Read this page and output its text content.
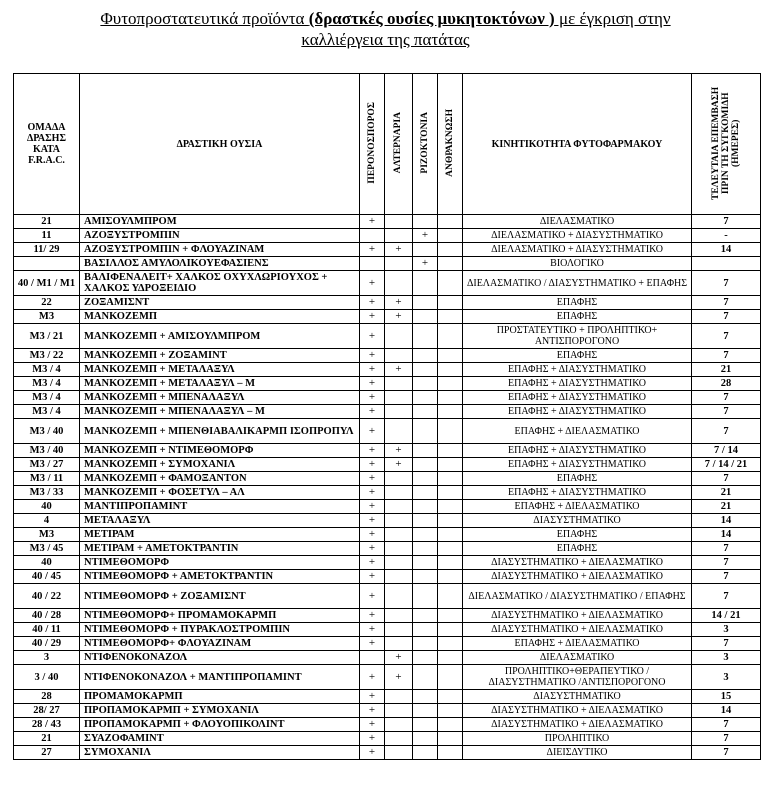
Φυτοπροστατευτικά προϊόντα (δραστκές ουσίες μυκητοκτόνων ) με έγκριση στην
καλλιέργεια της πατάτας
ΟΜΑΔΑ ΔΡΑΣΗΣ ΚΑΤΑ F.R.A.C.	ΔΡΑΣΤΙΚΗ ΟΥΣΙΑ	ΠΕΡΟΝΟΣΠΟΡΟΣ	ΑΛΤΕΡΝΑΡΙΑ	ΡΙΖΟΚΤΟΝΙΑ	ΑΝΘΡΑΚΝΩΣΗ	ΚΙΝΗΤΙΚΟΤΗΤΑ ΦΥΤΟΦΑΡΜΑΚΟΥ	ΤΕΛΕΥΤΑΙΑ ΕΠΕΜΒΑΣΗ ΠΡΙΝ ΤΗ ΣΥΓΚΟΜΙΔΗ (ΗΜΕΡΕΣ)
21	ΑΜΙΣΟΥΛΜΠΡΟΜ	+				ΔΙΕΛΑΣΜΑΤΙΚΟ	7
11	ΑΖΟΞΥΣΤΡΟΜΠΙΝ			+		ΔΙΕΛΑΣΜΑΤΙΚΟ + ΔΙΑΣΥΣΤΗΜΑΤΙΚΟ	-
11/ 29	ΑΖΟΞΥΣΤΡΟΜΠΙΝ + ΦΛΟΥΑΖΙΝΑΜ	+	+			ΔΙΕΛΑΣΜΑΤΙΚΟ + ΔΙΑΣΥΣΤΗΜΑΤΙΚΟ	14
	ΒΑΣΙΛΛΟΣ ΑΜΥΛΟΛΙΚΟΥΕΦΑΣΙΕΝΣ			+		ΒΙΟΛΟΓΙΚΟ	
40 / M1 / M1	ΒΑΛΙΦΕΝΑΛΕΙΤ+ ΧΑΛΚΟΣ ΟΧΥΧΛΩΡΙΟΥΧΟΣ + ΧΑΛΚΟΣ ΥΔΡΟΞΕΙΔΙΟ	+				ΔΙΕΛΑΣΜΑΤΙΚΟ / ΔΙΑΣΥΣΤΗΜΑΤΙΚΟ + ΕΠΑΦΗΣ	7
22	ΖΟΞΑΜΙΣΝΤ	+	+			ΕΠΑΦΗΣ	7
M3	ΜΑΝΚΟΖΕΜΠ	+	+			ΕΠΑΦΗΣ	7
M3 / 21	ΜΑΝΚΟΖΕΜΠ + ΑΜΙΣΟΥΛΜΠΡΟΜ	+				ΠΡΟΣΤΑΤΕΥΤΙΚΟ + ΠΡΟΛΗΠΤΙΚΟ+ ΑΝΤΙΣΠΟΡΟΓΟΝΟ	7
M3 / 22	ΜΑΝΚΟΖΕΜΠ + ΖΟΞΑΜΙΝΤ	+				ΕΠΑΦΗΣ	7
M3 / 4	ΜΑΝΚΟΖΕΜΠ + ΜΕΤΑΛΑΞΥΛ	+	+			ΕΠΑΦΗΣ + ΔΙΑΣΥΣΤΗΜΑΤΙΚΟ	21
M3 / 4	ΜΑΝΚΟΖΕΜΠ + ΜΕΤΑΛΑΞΥΛ – Μ	+				ΕΠΑΦΗΣ + ΔΙΑΣΥΣΤΗΜΑΤΙΚΟ	28
M3 / 4	ΜΑΝΚΟΖΕΜΠ + ΜΠΕΝΑΛΑΞΥΛ	+				ΕΠΑΦΗΣ + ΔΙΑΣΥΣΤΗΜΑΤΙΚΟ	7
M3 / 4	ΜΑΝΚΟΖΕΜΠ + ΜΠΕΝΑΛΑΞΥΛ – Μ	+				ΕΠΑΦΗΣ + ΔΙΑΣΥΣΤΗΜΑΤΙΚΟ	7
M3 / 40	ΜΑΝΚΟΖΕΜΠ + ΜΠΕΝΘΙΑΒΑΛΙΚΑΡΜΠ ΙΣΟΠΡΟΠΥΛ	+				ΕΠΑΦΗΣ + ΔΙΕΛΑΣΜΑΤΙΚΟ	7
M3 / 40	ΜΑΝΚΟΖΕΜΠ + ΝΤΙΜΕΘΟΜΟΡΦ	+	+			ΕΠΑΦΗΣ + ΔΙΑΣΥΣΤΗΜΑΤΙΚΟ	7 / 14
M3 / 27	ΜΑΝΚΟΖΕΜΠ + ΣΥΜΟΧΑΝΙΛ	+	+			ΕΠΑΦΗΣ + ΔΙΑΣΥΣΤΗΜΑΤΙΚΟ	7 / 14 / 21
M3 / 11	ΜΑΝΚΟΖΕΜΠ + ΦΑΜΟΞΑΝΤΟΝ	+				ΕΠΑΦΗΣ	7
M3 / 33	ΜΑΝΚΟΖΕΜΠ + ΦΟΣΕΤΥΛ – ΑΛ	+				ΕΠΑΦΗΣ + ΔΙΑΣΥΣΤΗΜΑΤΙΚΟ	21
40	ΜΑΝΤΙΠΡΟΠΑΜΙΝΤ	+				ΕΠΑΦΗΣ + ΔΙΕΛΑΣΜΑΤΙΚΟ	21
4	ΜΕΤΑΛΑΞΥΛ	+				ΔΙΑΣΥΣΤΗΜΑΤΙΚΟ	14
M3	ΜΕΤΙΡΑΜ	+				ΕΠΑΦΗΣ	14
M3 / 45	ΜΕΤΙΡΑΜ + ΑΜΕΤΟΚΤΡΑΝΤΙΝ	+				ΕΠΑΦΗΣ	7
40	ΝΤΙΜΕΘΟΜΟΡΦ	+				ΔΙΑΣΥΣΤΗΜΑΤΙΚΟ + ΔΙΕΛΑΣΜΑΤΙΚΟ	7
40 / 45	ΝΤΙΜΕΘΟΜΟΡΦ + ΑΜΕΤΟΚΤΡΑΝΤΙΝ	+				ΔΙΑΣΥΣΤΗΜΑΤΙΚΟ + ΔΙΕΛΑΣΜΑΤΙΚΟ	7
40 / 22	ΝΤΙΜΕΘΟΜΟΡΦ + ΖΟΞΑΜΙΣΝΤ	+				ΔΙΕΛΑΣΜΑΤΙΚΟ / ΔΙΑΣΥΣΤΗΜΑΤΙΚΟ / ΕΠΑΦΗΣ	7
40 / 28	ΝΤΙΜΕΘΟΜΟΡΦ+ ΠΡΟΜΑΜΟΚΑΡΜΠ	+				ΔΙΑΣΥΣΤΗΜΑΤΙΚΟ + ΔΙΕΛΑΣΜΑΤΙΚΟ	14 / 21
40 / 11	ΝΤΙΜΕΘΟΜΟΡΦ + ΠΥΡΑΚΛΟΣΤΡΟΜΠΙΝ	+				ΔΙΑΣΥΣΤΗΜΑΤΙΚΟ + ΔΙΕΛΑΣΜΑΤΙΚΟ	3
40 / 29	ΝΤΙΜΕΘΟΜΟΡΦ+ ΦΛΟΥΑΖΙΝΑΜ	+				ΕΠΑΦΗΣ + ΔΙΕΛΑΣΜΑΤΙΚΟ	7
3	ΝΤΙΦΕΝΟΚΟΝΑΖΟΛ		+			ΔΙΕΛΑΣΜΑΤΙΚΟ	3
3 / 40	ΝΤΙΦΕΝΟΚΟΝΑΖΟΛ + ΜΑΝΤΙΠΡΟΠΑΜΙΝΤ	+	+			ΠΡΟΛΗΠΤΙΚΟ+ΘΕΡΑΠΕΥΤΙΚΟ / ΔΙΑΣΥΣΤΗΜΑΤΙΚΟ /ΑΝΤΙΣΠΟΡΟΓΟΝΟ	3
28	ΠΡΟΜΑΜΟΚΑΡΜΠ	+				ΔΙΑΣΥΣΤΗΜΑΤΙΚΟ	15
28/ 27	ΠΡΟΠΑΜΟΚΑΡΜΠ + ΣΥΜΟΧΑΝΙΛ	+				ΔΙΑΣΥΣΤΗΜΑΤΙΚΟ + ΔΙΕΛΑΣΜΑΤΙΚΟ	14
28 / 43	ΠΡΟΠΑΜΟΚΑΡΜΠ + ΦΛΟΥΟΠΙΚΟΛΙΝΤ	+				ΔΙΑΣΥΣΤΗΜΑΤΙΚΟ + ΔΙΕΛΑΣΜΑΤΙΚΟ	7
21	ΣΥΑΖΟΦΑΜΙΝΤ	+				ΠΡΟΛΗΠΤΙΚΟ	7
27	ΣΥΜΟΧΑΝΙΛ	+				ΔΙΕΙΣΔΥΤΙΚΟ	7
